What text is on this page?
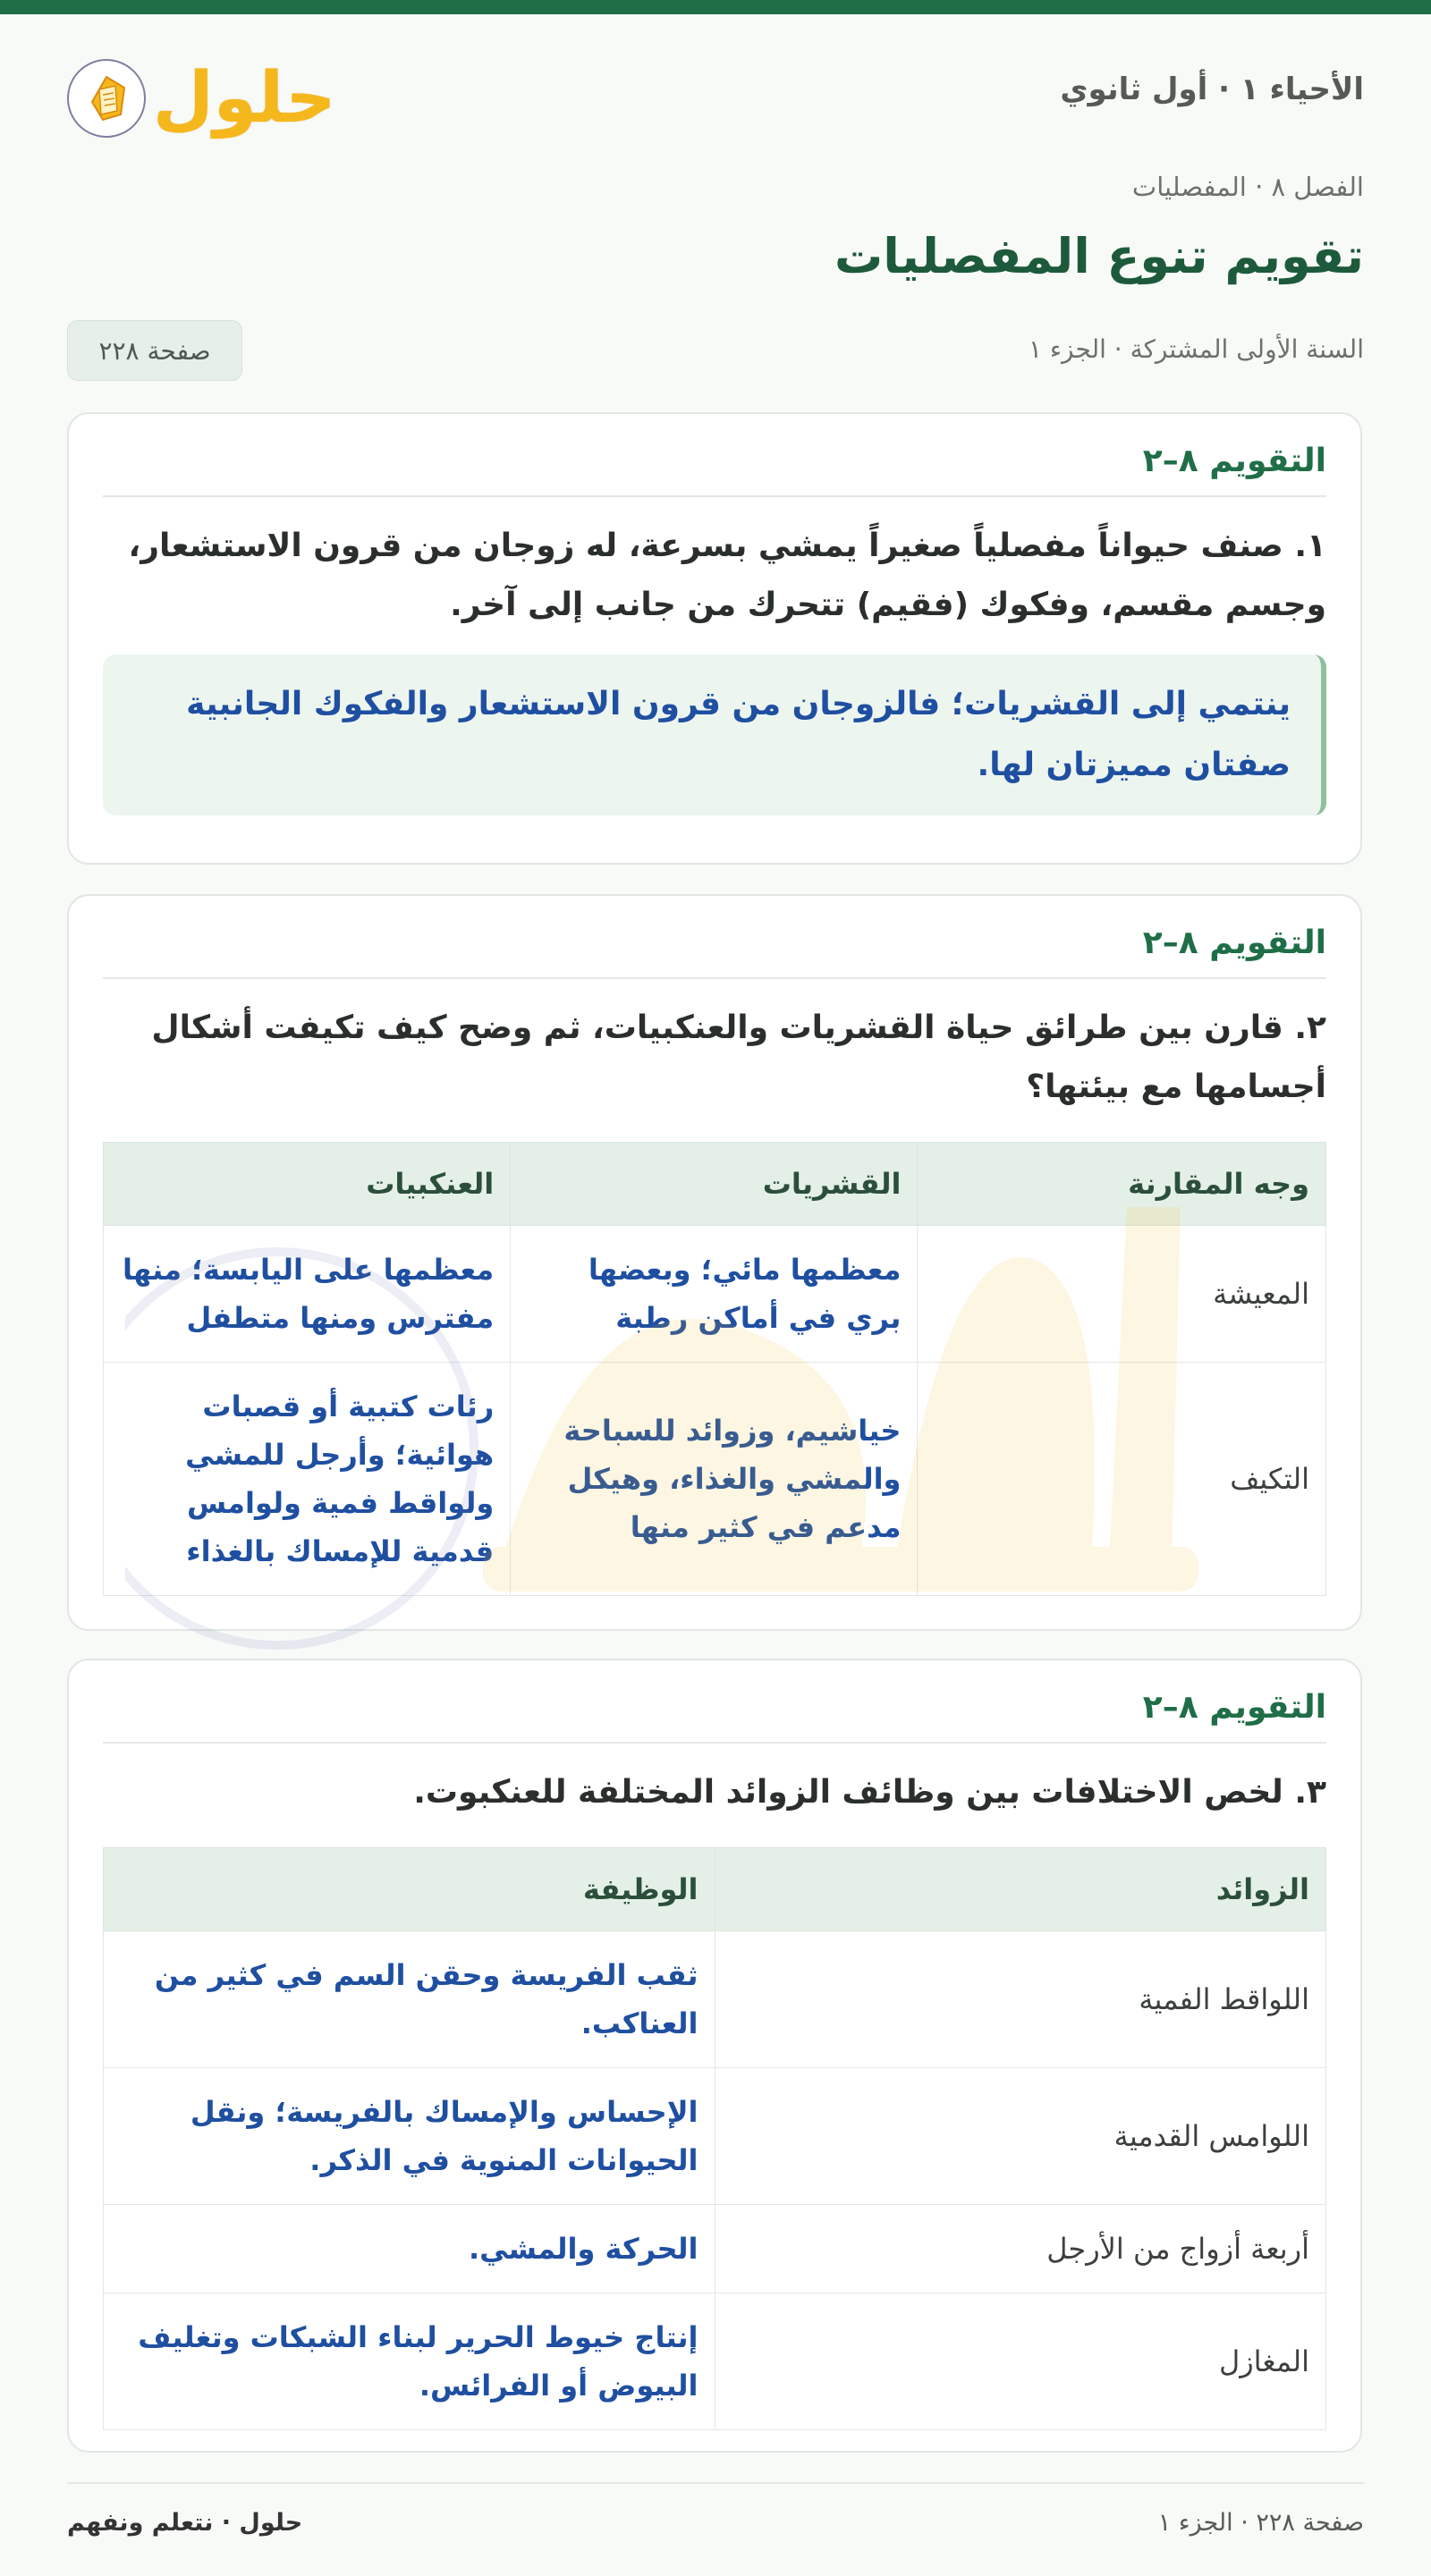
حلول	الأحياء ١ · أول ثانوي
الفصل ٨ · المفصليات
تقويم تنوع المفصليات
السنة الأولى المشتركة · الجزء ١
صفحة ٢٢٨
التقويم ٨–٢
١. صنف حيواناً مفصلياً صغيراً يمشي بسرعة، له زوجان من قرون الاستشعار، وجسم مقسم، وفكوك (فقيم) تتحرك من جانب إلى آخر.
ينتمي إلى القشريات؛ فالزوجان من قرون الاستشعار والفكوك الجانبية صفتان مميزتان لها.
التقويم ٨–٢
٢. قارن بين طرائق حياة القشريات والعنكبيات، ثم وضح كيف تكيفت أشكال أجسامها مع بيئتها؟
وجه المقارنة	القشريات	العنكبيات
المعيشة	معظمها مائي؛ وبعضها بري في أماكن رطبة	معظمها على اليابسة؛ منها مفترس ومنها متطفل
التكيف	خياشيم، وزوائد للسباحة والمشي والغذاء، وهيكل مدعم في كثير منها	رئات كتبية أو قصبات هوائية؛ وأرجل للمشي ولواقط فمية ولوامس قدمية للإمساك بالغذاء
التقويم ٨–٢
٣. لخص الاختلافات بين وظائف الزوائد المختلفة للعنكبوت.
الزوائد	الوظيفة
اللواقط الفمية	ثقب الفريسة وحقن السم في كثير من العناكب.
اللوامس القدمية	الإحساس والإمساك بالفريسة؛ ونقل الحيوانات المنوية في الذكر.
أربعة أزواج من الأرجل	الحركة والمشي.
المغازل	إنتاج خيوط الحرير لبناء الشبكات وتغليف البيوض أو الفرائس.
صفحة ٢٢٨ · الجزء ١
حلول · نتعلم ونفهم
